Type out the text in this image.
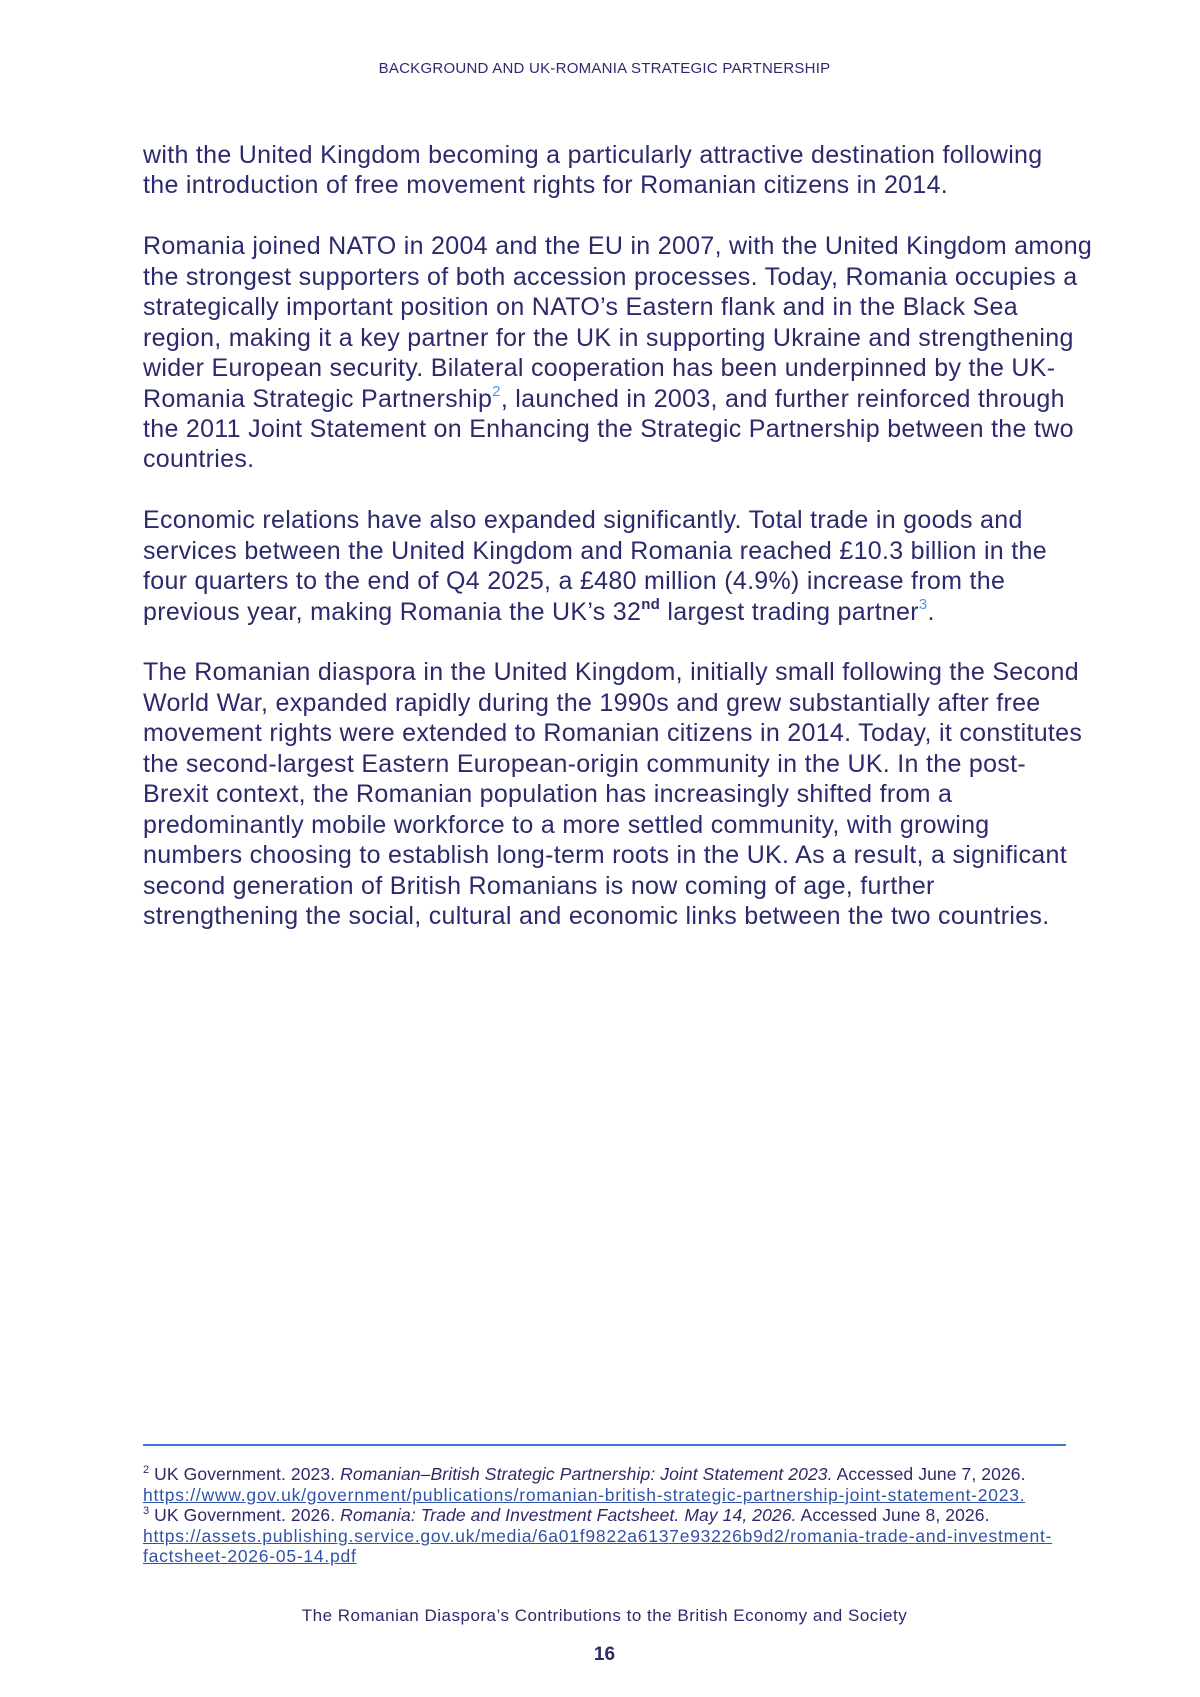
BACKGROUND AND UK-ROMANIA STRATEGIC PARTNERSHIP
with the United Kingdom becoming a particularly attractive destination following
the introduction of free movement rights for Romanian citizens in 2014.
Romania joined NATO in 2004 and the EU in 2007, with the United Kingdom among
the strongest supporters of both accession processes. Today, Romania occupies a
strategically important position on NATO’s Eastern flank and in the Black Sea
region, making it a key partner for the UK in supporting Ukraine and strengthening
wider European security. Bilateral cooperation has been underpinned by the UK-
Romania Strategic Partnership$^2$, launched in 2003, and further reinforced through
the 2011 Joint Statement on Enhancing the Strategic Partnership between the two
countries.
Economic relations have also expanded significantly. Total trade in goods and
services between the United Kingdom and Romania reached £10.3 billion in the
four quarters to the end of Q4 2025, a £480 million (4.9%) increase from the
previous year, making Romania the UK’s 32nd largest trading partner$^3$.
The Romanian diaspora in the United Kingdom, initially small following the Second
World War, expanded rapidly during the 1990s and grew substantially after free
movement rights were extended to Romanian citizens in 2014. Today, it constitutes
the second-largest Eastern European-origin community in the UK. In the post-
Brexit context, the Romanian population has increasingly shifted from a
predominantly mobile workforce to a more settled community, with growing
numbers choosing to establish long-term roots in the UK. As a result, a significant
second generation of British Romanians is now coming of age, further
strengthening the social, cultural and economic links between the two countries.
$^2$ UK Government. 2023. Romanian–British Strategic Partnership: Joint Statement 2023. Accessed June 7, 2026.
https://www.gov.uk/government/publications/romanian-british-strategic-partnership-joint-statement-2023.
$^3$ UK Government. 2026. Romania: Trade and Investment Factsheet. May 14, 2026. Accessed June 8, 2026.
https://assets.publishing.service.gov.uk/media/6a01f9822a6137e93226b9d2/romania-trade-and-investment-
factsheet-2026-05-14.pdf
The Romanian Diaspora’s Contributions to the British Economy and Society
16
